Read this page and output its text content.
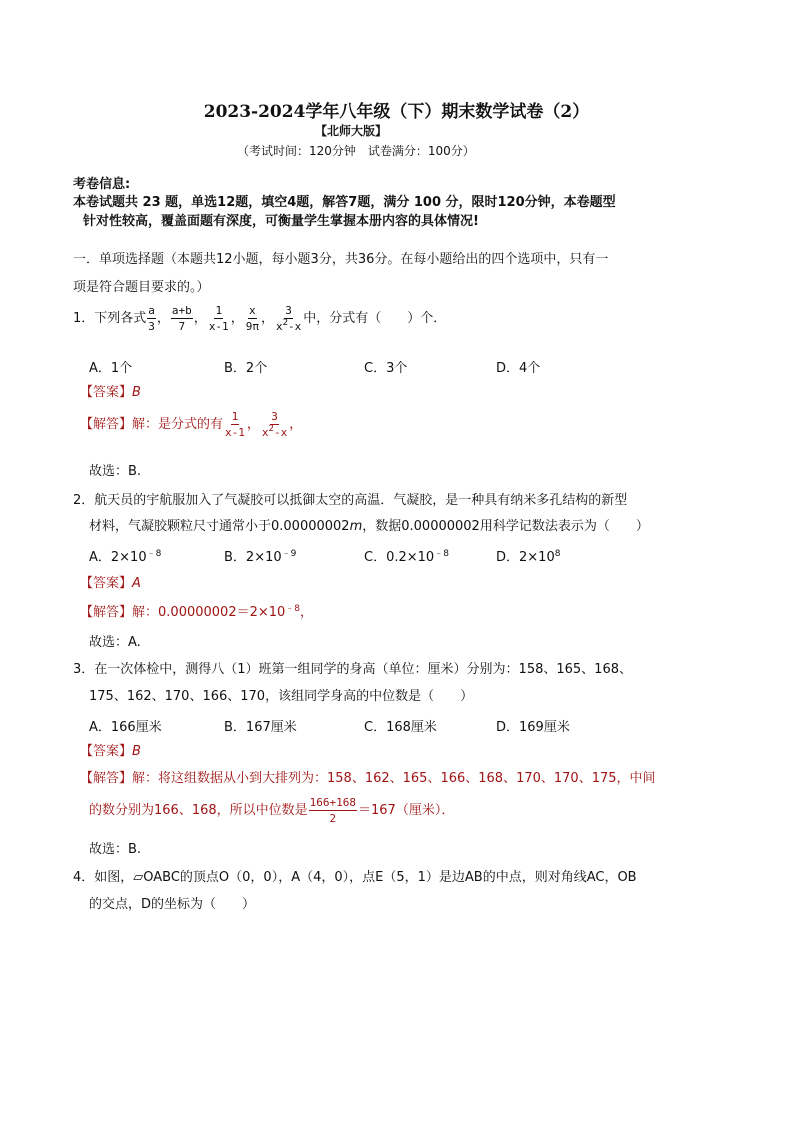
2023-2024学年八年级（下）期末数学试卷（2）
【北师大版】
（考试时间：120分钟　试卷满分：100分）
考卷信息:
本卷试题共 23 题，单选12题，填空4题，解答7题，满分 100 分，限时120分钟，本卷题型
针对性较高，覆盖面题有深度，可衡量学生掌握本册内容的具体情况!
一．单项选择题（本题共12小题，每小题3分，共36分。在每小题给出的四个选项中，只有一
项是符合题目要求的。）
1．下列各式 $\frac{a}{3}$ ， $\frac{a+b}{7}$ ， $\frac{1}{x-1}$ ， $\frac{x}{9\pi}$ ， $\frac{3}{x^2-x}$ 中，分式有（　　）个．
A．1个	B．2个	C．3个	D．4个
【答案】B
【解答】 解：是分式的有 $\frac{1}{x-1}$ ， $\frac{3}{x^2-x}$ ，
故选：B.
2．航天员的宇航服加入了气凝胶可以抵御太空的高温．气凝胶，是一种具有纳米多孔结构的新型
材料，气凝胶颗粒尺寸通常小于0.00000002m，数据0.00000002用科学记数法表示为（　　）
A．$2\times 10^{﹣8}$	B．$2\times 10^{﹣9}$	C．$0.2\times 10^{﹣8}$	D．$2\times 10^8$
【答案】A
【解答】解：$0.00000002=2\times 10^{﹣8}$，
故选：A.
3．在一次体检中，测得八（1）班第一组同学的身高（单位：厘米）分别为：158、165、168、
175、162、170、166、170，该组同学身高的中位数是（　　）
A．166厘米	B．167厘米	C．168厘米	D．169厘米
【答案】B
【解答】解：将这组数据从小到大排列为：158、162、165、166、168、170、170、175，中间
的数分别为166、168，所以中位数是 $\frac{166+168}{2} =167$（厘米）．
故选：B.
4．如图，▱OABC的顶点O（0，0），A（4，0），点E（5，1）是边AB的中点，则对角线AC，OB
的交点，D的坐标为（　　）
